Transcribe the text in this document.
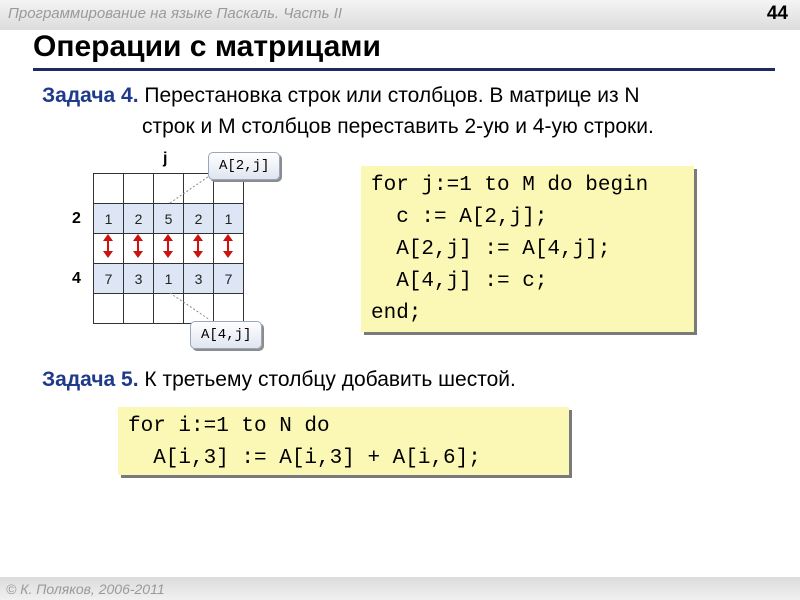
Программирование на языке Паскаль. Часть II	44
Операции с матрицами
Задача 4. Перестановка строк или столбцов. В матрице из N
строк и M столбцов переставить 2-ую и 4-ую строки.
j
2
4
1	2	5	2	1
7	3	1	3	7
A[2,j]
A[4,j]
for j:=1 to M do begin
c := A[2,j];
A[2,j] := A[4,j];
A[4,j] := c;
end;
Задача 5. К третьему столбцу добавить шестой.
for i:=1 to N do
A[i,3] := A[i,3] + A[i,6];
© К. Поляков, 2006-2011
